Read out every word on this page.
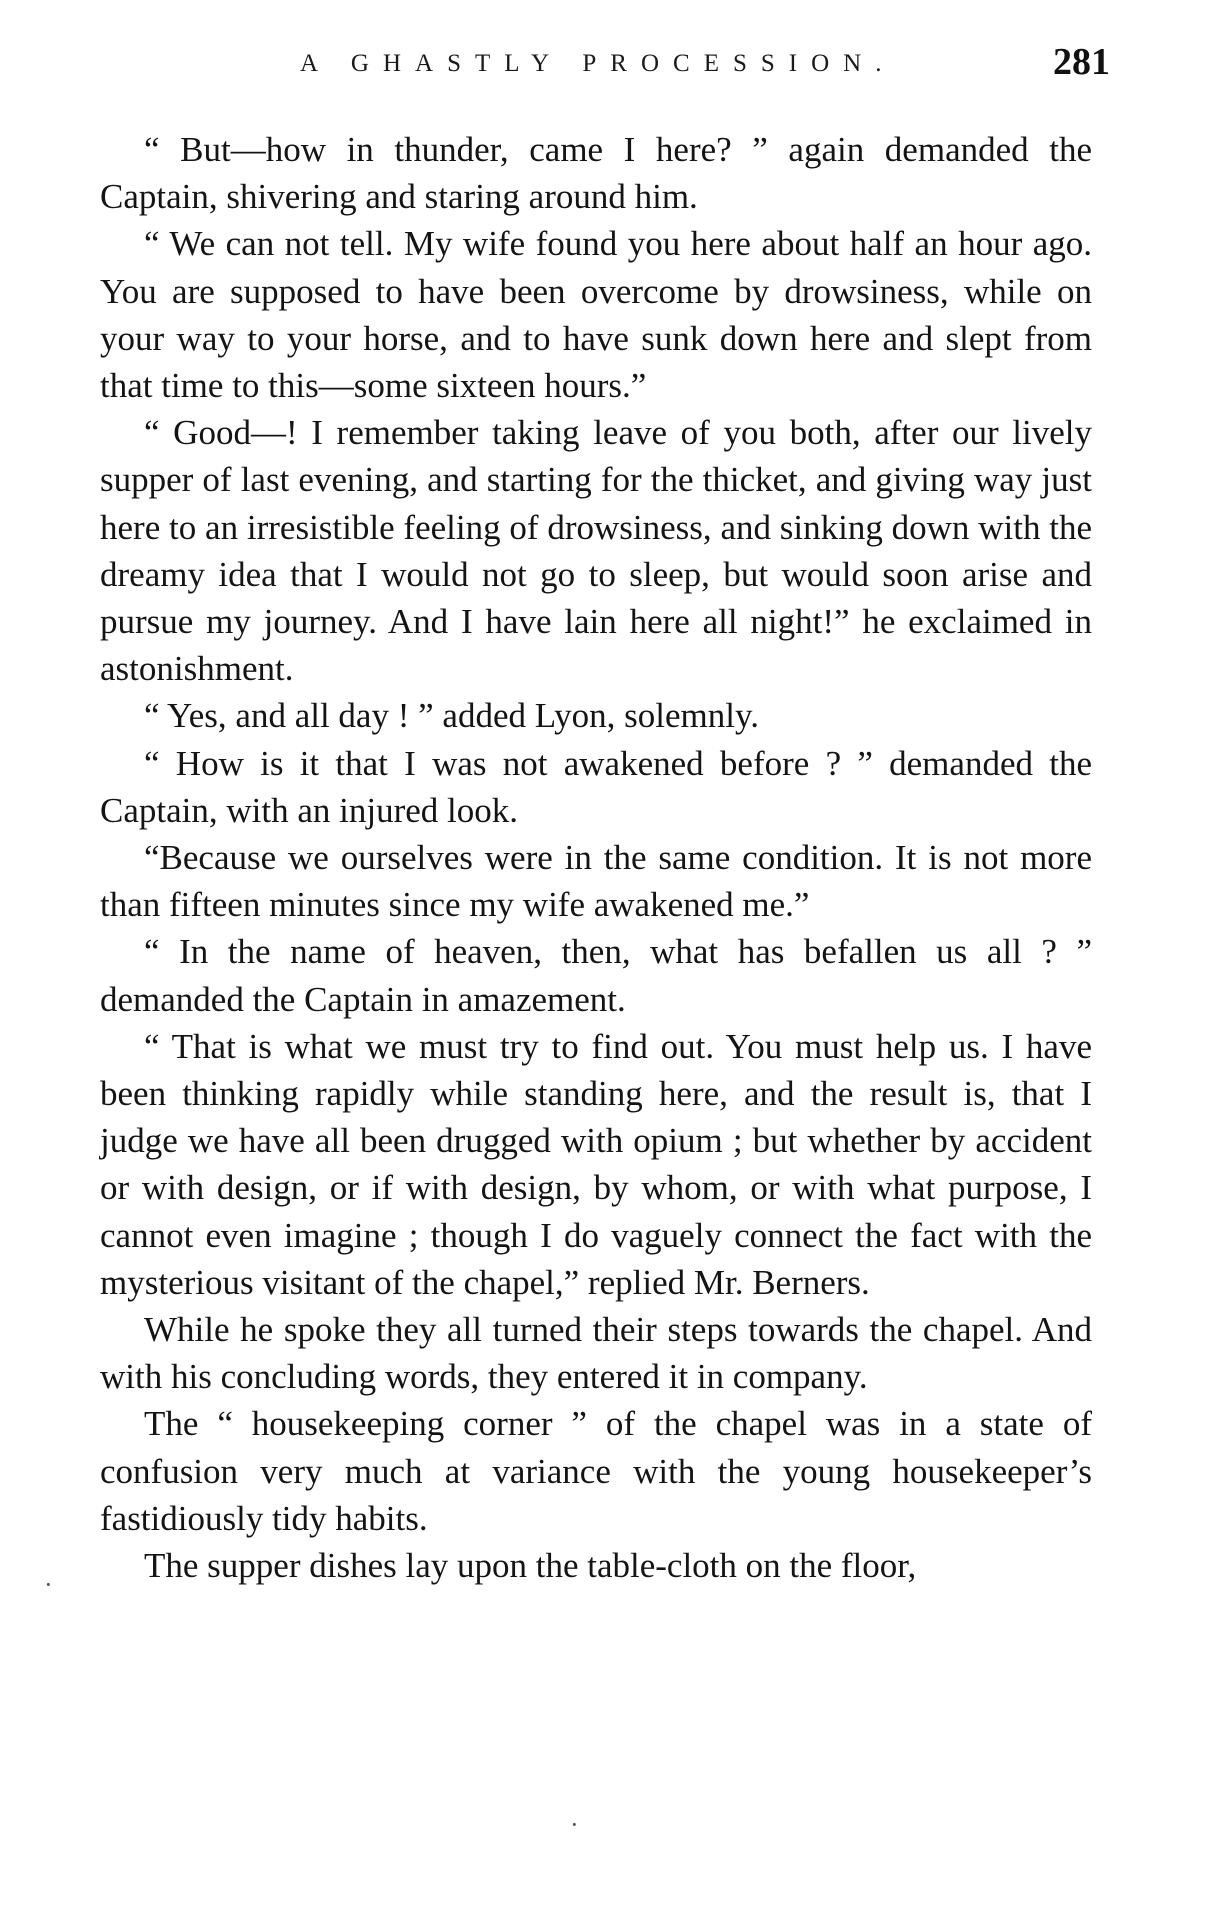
A GHASTLY PROCESSION.	281

“ But—how in thunder, came I here? ” again demanded the Captain, shivering and staring around him.

“ We can not tell. My wife found you here about half an hour ago. You are supposed to have been overcome by drowsiness, while on your way to your horse, and to have sunk down here and slept from that time to this—some sixteen hours.”

“ Good—! I remember taking leave of you both, after our lively supper of last evening, and starting for the thicket, and giving way just here to an irresistible feeling of drowsiness, and sinking down with the dreamy idea that I would not go to sleep, but would soon arise and pursue my journey. And I have lain here all night!” he exclaimed in astonishment.

“ Yes, and all day ! ” added Lyon, solemnly.

“ How is it that I was not awakened before ? ” demanded the Captain, with an injured look.

“Because we ourselves were in the same condition. It is not more than fifteen minutes since my wife awakened me.”

“ In the name of heaven, then, what has befallen us all ? ” demanded the Captain in amazement.

“ That is what we must try to find out. You must help us. I have been thinking rapidly while standing here, and the result is, that I judge we have all been drugged with opium ; but whether by accident or with design, or if with design, by whom, or with what purpose, I cannot even imagine ; though I do vaguely connect the fact with the mysterious visitant of the chapel,” replied Mr. Berners.

While he spoke they all turned their steps towards the chapel. And with his concluding words, they entered it in company.

The “ housekeeping corner ” of the chapel was in a state of confusion very much at variance with the young housekeeper’s fastidiously tidy habits.

The supper dishes lay upon the table-cloth on the floor,

·
·
